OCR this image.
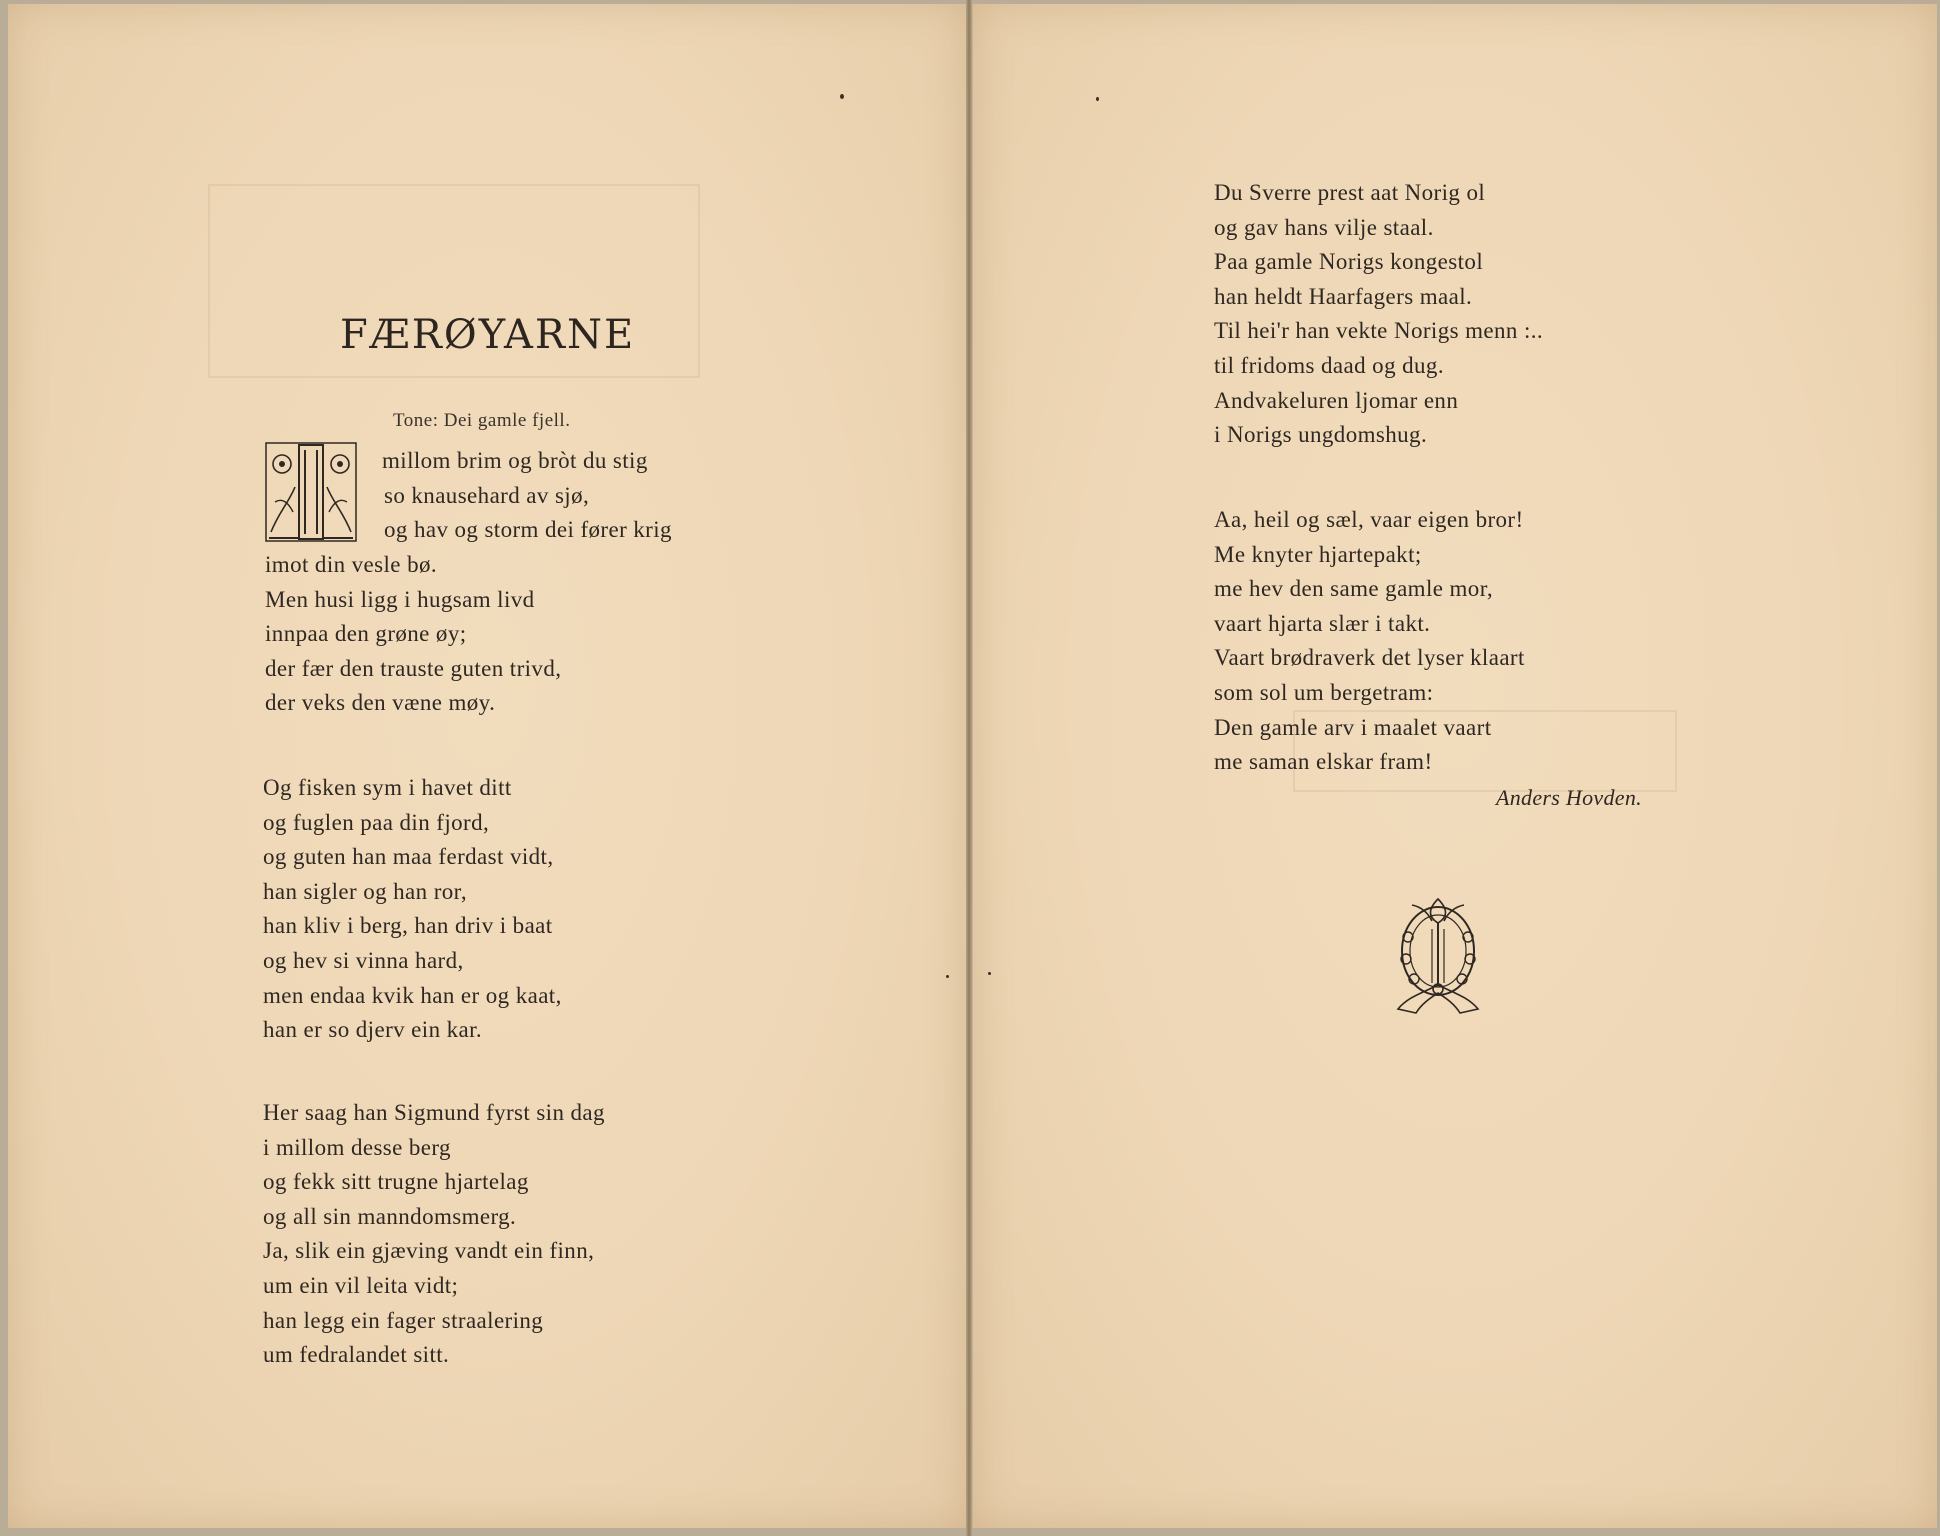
FÆRØYARNE
Tone: Dei gamle fjell.
millom brim og bròt du stig
so knausehard av sjø,
og hav og storm dei fører krig
imot din vesle bø.
Men husi ligg i hugsam livd
innpaa den grøne øy;
der fær den trauste guten trivd,
der veks den væne møy.
Og fisken sym i havet ditt
og fuglen paa din fjord,
og guten han maa ferdast vidt,
han sigler og han ror,
han kliv i berg, han driv i baat
og hev si vinna hard,
men endaa kvik han er og kaat,
han er so djerv ein kar.
Her saag han Sigmund fyrst sin dag
i millom desse berg
og fekk sitt trugne hjartelag
og all sin manndomsmerg.
Ja, slik ein gjæving vandt ein finn,
um ein vil leita vidt;
han legg ein fager straalering
um fedralandet sitt.
Du Sverre prest aat Norig ol
og gav hans vilje staal.
Paa gamle Norigs kongestol
han heldt Haarfagers maal.
Til hei'r han vekte Norigs menn :..
til fridoms daad og dug.
Andvakeluren ljomar enn
i Norigs ungdomshug.
Aa, heil og sæl, vaar eigen bror!
Me knyter hjartepakt;
me hev den same gamle mor,
vaart hjarta slær i takt.
Vaart brødraverk det lyser klaart
som sol um bergetram:
Den gamle arv i maalet vaart
me saman elskar fram!
Anders Hovden.
